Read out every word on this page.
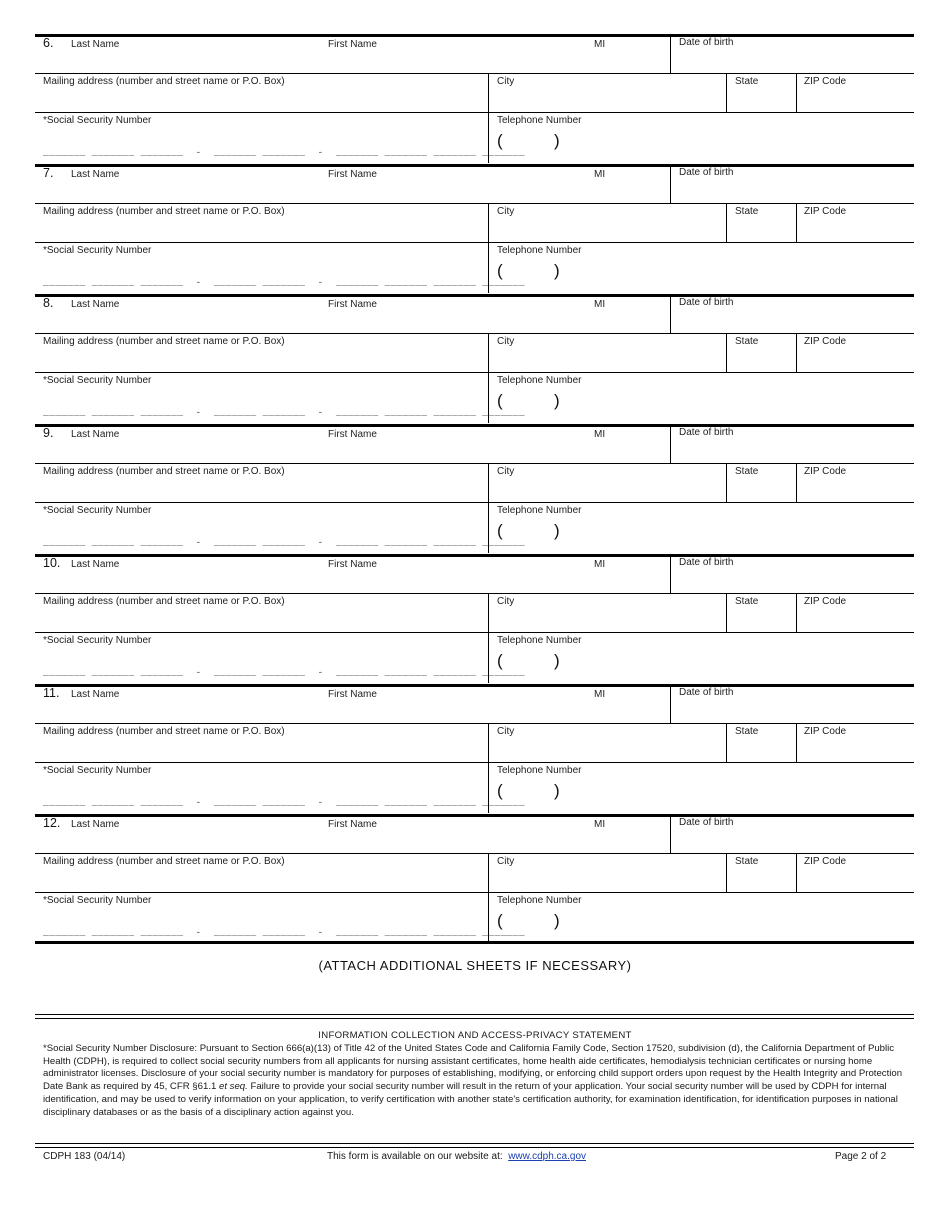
6. Last Name	First Name	MI	Date of birth
Mailing address (number and street name or P.O. Box)	City	State	ZIP Code
*Social Security Number
_______ _______ _______  -  _______ _______  -  _______ _______ _______ _______
Telephone Number
(	)
7. Last Name	First Name	MI	Date of birth
Mailing address (number and street name or P.O. Box)	City	State	ZIP Code
*Social Security Number
_______ _______ _______  -  _______ _______  -  _______ _______ _______ _______
Telephone Number
(	)
8. Last Name	First Name	MI	Date of birth
Mailing address (number and street name or P.O. Box)	City	State	ZIP Code
*Social Security Number
_______ _______ _______  -  _______ _______  -  _______ _______ _______ _______
Telephone Number
(	)
9. Last Name	First Name	MI	Date of birth
Mailing address (number and street name or P.O. Box)	City	State	ZIP Code
*Social Security Number
_______ _______ _______  -  _______ _______  -  _______ _______ _______ _______
Telephone Number
(	)
10. Last Name	First Name	MI	Date of birth
Mailing address (number and street name or P.O. Box)	City	State	ZIP Code
*Social Security Number
_______ _______ _______  -  _______ _______  -  _______ _______ _______ _______
Telephone Number
(	)
11. Last Name	First Name	MI	Date of birth
Mailing address (number and street name or P.O. Box)	City	State	ZIP Code
*Social Security Number
_______ _______ _______  -  _______ _______  -  _______ _______ _______ _______
Telephone Number
(	)
12. Last Name	First Name	MI	Date of birth
Mailing address (number and street name or P.O. Box)	City	State	ZIP Code
*Social Security Number
_______ _______ _______  -  _______ _______  -  _______ _______ _______ _______
Telephone Number
(	)
(ATTACH ADDITIONAL SHEETS IF NECESSARY)
INFORMATION COLLECTION AND ACCESS-PRIVACY STATEMENT
*Social Security Number Disclosure: Pursuant to Section 666(a)(13) of Title 42 of the United States Code and California Family Code, Section 17520, subdivision (d), the California Department of Public Health (CDPH), is required to collect social security numbers from all applicants for nursing assistant certificates, home health aide certificates, hemodialysis technician certificates or nursing home administrator licenses. Disclosure of your social security number is mandatory for purposes of establishing, modifying, or enforcing child support orders upon request by the Health Integrity and Protection Date Bank as required by 45, CFR §61.1 et seq. Failure to provide your social security number will result in the return of your application. Your social security number will be used by CDPH for internal identification, and may be used to verify information on your application, to verify certification with another state's certification authority, for examination identification, for identification purposes in national disciplinary databases or as the basis of a disciplinary action against you.
CDPH 183 (04/14)	This form is available on our website at: www.cdph.ca.gov	Page 2 of 2
